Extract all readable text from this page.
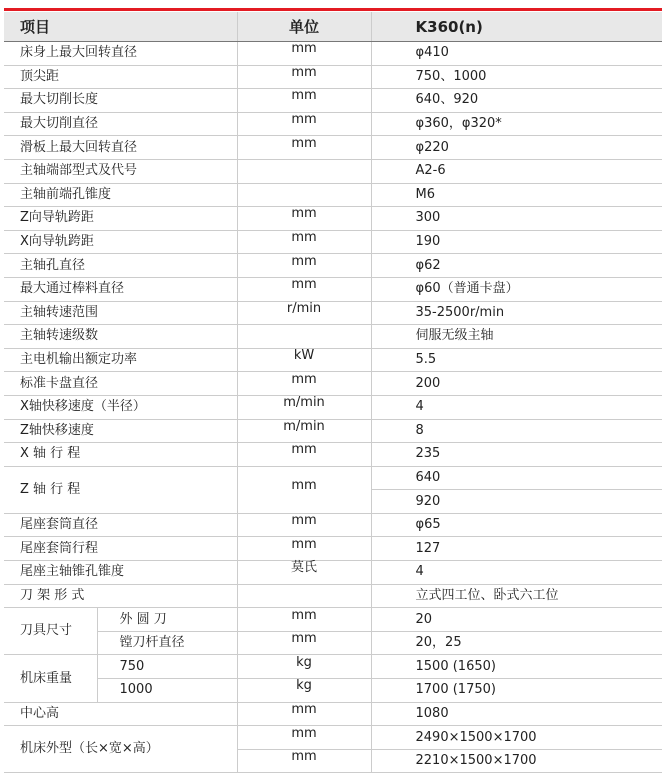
项目		单位	K360(n)
床身上最大回转直径		mm	φ410
顶尖距		mm	750、1000
最大切削长度		mm	640、920
最大切削直径		mm	φ360，φ320*
滑板上最大回转直径		mm	φ220
主轴端部型式及代号			A2-6
主轴前端孔锥度			M6
Z向导轨跨距		mm	300
X向导轨跨距		mm	190
主轴孔直径		mm	φ62
最大通过棒料直径		mm	φ60（普通卡盘）
主轴转速范围		r/min	35-2500r/min
主轴转速级数			伺服无级主轴
主电机输出额定功率		kW	5.5
标准卡盘直径		mm	200
X轴快移速度（半径）		m/min	4
Z轴快移速度		m/min	8
X 轴 行 程		mm	235
Z 轴 行 程		mm	640
			920
尾座套筒直径		mm	φ65
尾座套筒行程		mm	127
尾座主轴锥孔锥度		莫氏	4
刀 架 形 式			立式四工位、卧式六工位
刀具尺寸	外 圆 刀	mm	20
	镗刀杆直径	mm	20，25
机床重量	750	kg	1500 (1650)
	1000	kg	1700 (1750)
中心高		mm	1080
机床外型（长×宽×高）		mm	2490×1500×1700
		mm	2210×1500×1700
